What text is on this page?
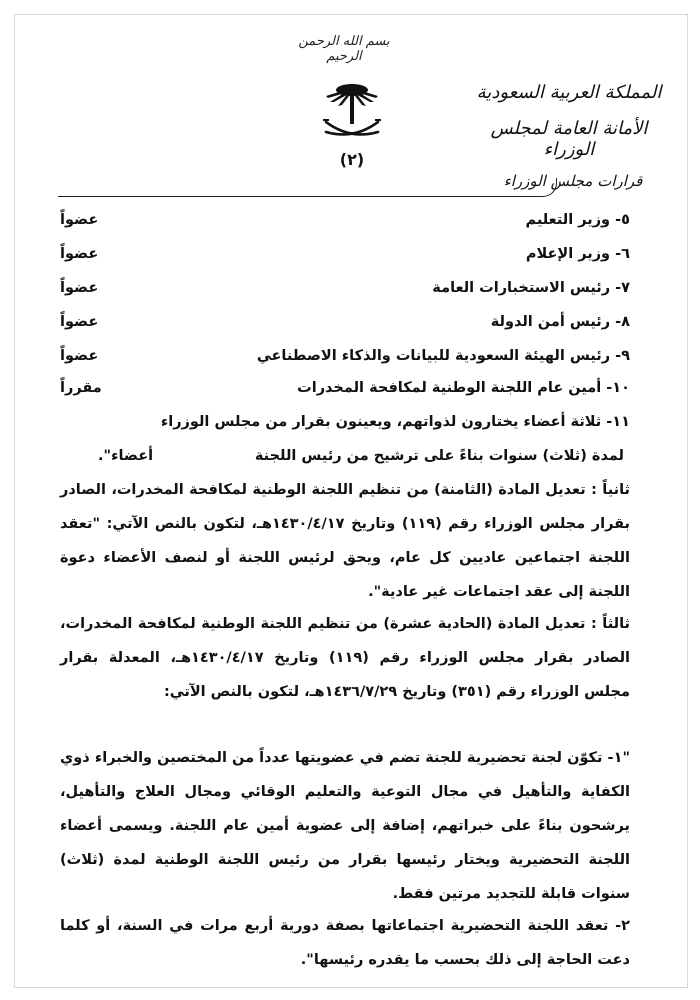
بسم الله الرحمن الرحيم
(٢)
المملكة العربية السعودية
الأمانة العامة لمجلس الوزراء
قرارات مجلس الوزراء
٥- وزير التعليم
عضواً
٦- وزير الإعلام
عضواً
٧- رئيس الاستخبارات العامة
عضواً
٨- رئيس أمن الدولة
عضواً
٩- رئيس الهيئة السعودية للبيانات والذكاء الاصطناعي
عضواً
١٠- أمين عام اللجنة الوطنية لمكافحة المخدرات
مقرراً
١١- ثلاثة أعضاء يختارون لذواتهم، ويعينون بقرار من مجلس الوزراء
لمدة (ثلاث) سنوات بناءً على ترشيح من رئيس اللجنة
أعضاء".
ثانياً : تعديل المادة (الثامنة) من تنظيم اللجنة الوطنية لمكافحة المخدرات، الصادر بقرار مجلس الوزراء رقم (١١٩) وتاريخ ١٤٣٠/٤/١٧هـ، لتكون بالنص الآتي: "تعقد اللجنة اجتماعين عاديين كل عام، ويحق لرئيس اللجنة أو لنصف الأعضاء دعوة اللجنة إلى عقد اجتماعات غير عادية".
ثالثاً : تعديل المادة (الحادية عشرة) من تنظيم اللجنة الوطنية لمكافحة المخدرات، الصادر بقرار مجلس الوزراء رقم (١١٩) وتاريخ ١٤٣٠/٤/١٧هـ، المعدلة بقرار مجلس الوزراء رقم (٣٥١) وتاريخ ١٤٣٦/٧/٢٩هـ، لتكون بالنص الآتي:
"١- تكوّن لجنة تحضيرية للجنة تضم في عضويتها عدداً من المختصين والخبراء ذوي الكفاية والتأهيل في مجال التوعية والتعليم الوقائي ومجال العلاج والتأهيل، يرشحون بناءً على خبراتهم، إضافة إلى عضوية أمين عام اللجنة. ويسمى أعضاء اللجنة التحضيرية ويختار رئيسها بقرار من رئيس اللجنة الوطنية لمدة (ثلاث) سنوات قابلة للتجديد مرتين فقط.
٢- تعقد اللجنة التحضيرية اجتماعاتها بصفة دورية أربع مرات في السنة، أو كلما دعت الحاجة إلى ذلك بحسب ما يقدره رئيسها".
